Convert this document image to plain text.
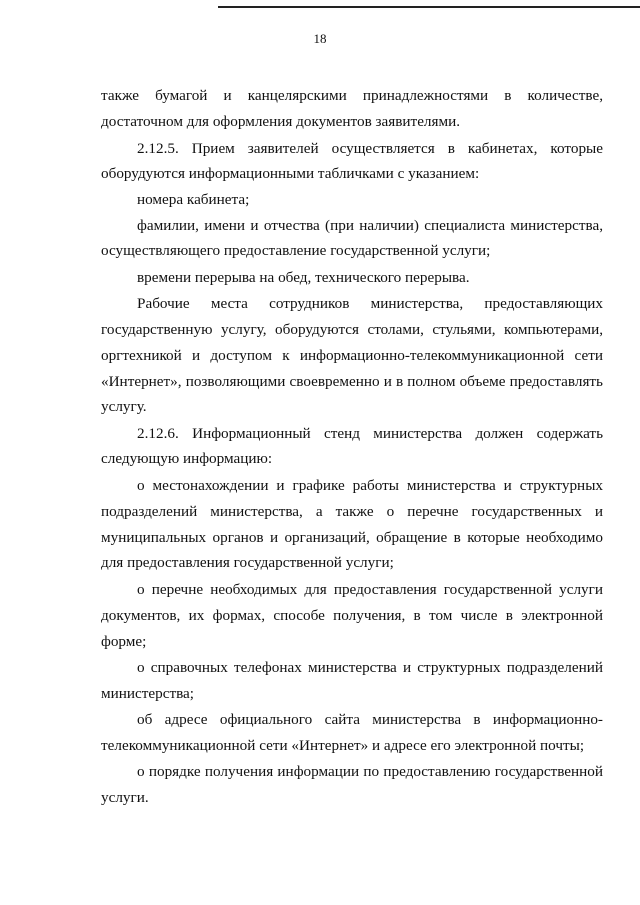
18
также бумагой и канцелярскими принадлежностями в количестве,
достаточном для оформления документов заявителями.
2.12.5. Прием заявителей осуществляется в кабинетах, которые
оборудуются информационными табличками с указанием:
номера кабинета;
фамилии, имени и отчества (при наличии) специалиста министерства,
осуществляющего предоставление государственной услуги;
времени перерыва на обед, технического перерыва.
Рабочие места сотрудников министерства, предоставляющих
государственную услугу, оборудуются столами, стульями, компьютерами,
оргтехникой и доступом к информационно-телекоммуникационной сети
«Интернет», позволяющими своевременно и в полном объеме предоставлять
услугу.
2.12.6. Информационный стенд министерства должен содержать
следующую информацию:
о местонахождении и графике работы министерства и структурных
подразделений министерства, а также о перечне государственных и
муниципальных органов и организаций, обращение в которые необходимо
для предоставления государственной услуги;
о перечне необходимых для предоставления государственной услуги
документов, их формах, способе получения, в том числе в электронной
форме;
о справочных телефонах министерства и структурных подразделений
министерства;
об адресе официального сайта министерства в информационно-
телекоммуникационной сети «Интернет» и адресе его электронной почты;
о порядке получения информации по предоставлению государственной
услуги.
